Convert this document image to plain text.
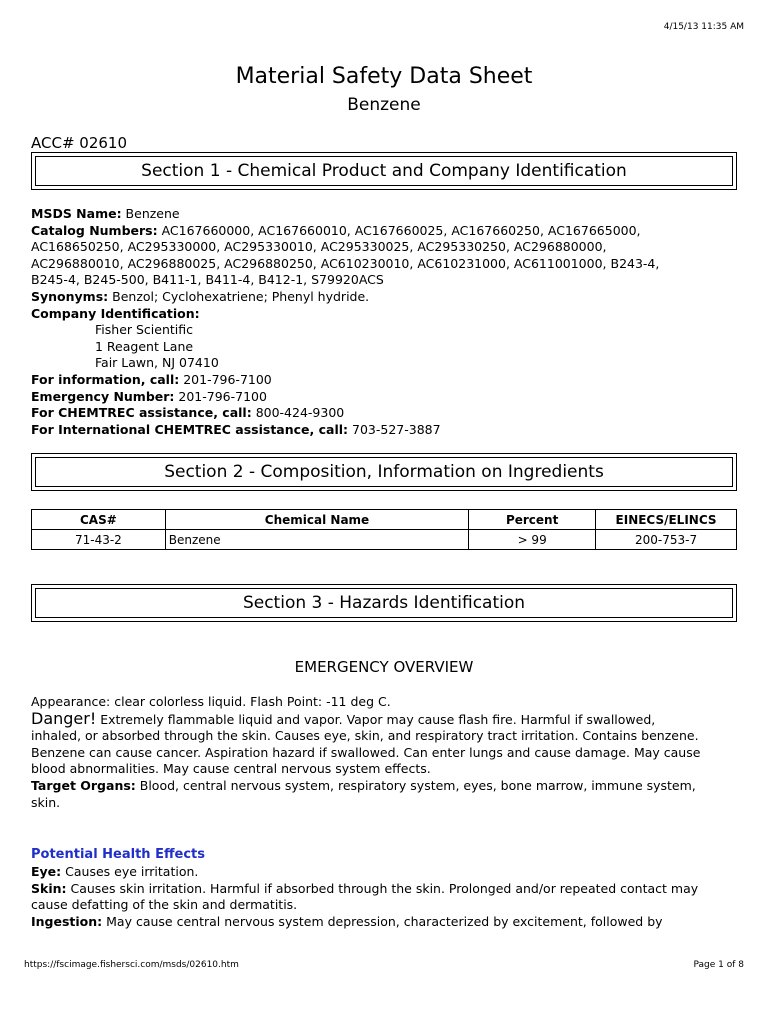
4/15/13 11:35 AM
Material Safety Data Sheet
Benzene
ACC# 02610
Section 1 - Chemical Product and Company Identification
MSDS Name: Benzene
Catalog Numbers: AC167660000, AC167660010, AC167660025, AC167660250, AC167665000,
AC168650250, AC295330000, AC295330010, AC295330025, AC295330250, AC296880000,
AC296880010, AC296880025, AC296880250, AC610230010, AC610231000, AC611001000, B243-4,
B245-4, B245-500, B411-1, B411-4, B412-1, S79920ACS
Synonyms: Benzol; Cyclohexatriene; Phenyl hydride.
Company Identification:
Fisher Scientific
1 Reagent Lane
Fair Lawn, NJ 07410
For information, call: 201-796-7100
Emergency Number: 201-796-7100
For CHEMTREC assistance, call: 800-424-9300
For International CHEMTREC assistance, call: 703-527-3887
Section 2 - Composition, Information on Ingredients
CAS#	Chemical Name	Percent	EINECS/ELINCS
71-43-2	Benzene	> 99	200-753-7
Section 3 - Hazards Identification
EMERGENCY OVERVIEW
Appearance: clear colorless liquid. Flash Point: -11 deg C.
Danger! Extremely flammable liquid and vapor. Vapor may cause flash fire. Harmful if swallowed,
inhaled, or absorbed through the skin. Causes eye, skin, and respiratory tract irritation. Contains benzene.
Benzene can cause cancer. Aspiration hazard if swallowed. Can enter lungs and cause damage. May cause
blood abnormalities. May cause central nervous system effects.
Target Organs: Blood, central nervous system, respiratory system, eyes, bone marrow, immune system,
skin.
Potential Health Effects
Eye: Causes eye irritation.
Skin: Causes skin irritation. Harmful if absorbed through the skin. Prolonged and/or repeated contact may
cause defatting of the skin and dermatitis.
Ingestion: May cause central nervous system depression, characterized by excitement, followed by
https://fscimage.fishersci.com/msds/02610.htm	Page 1 of 8
